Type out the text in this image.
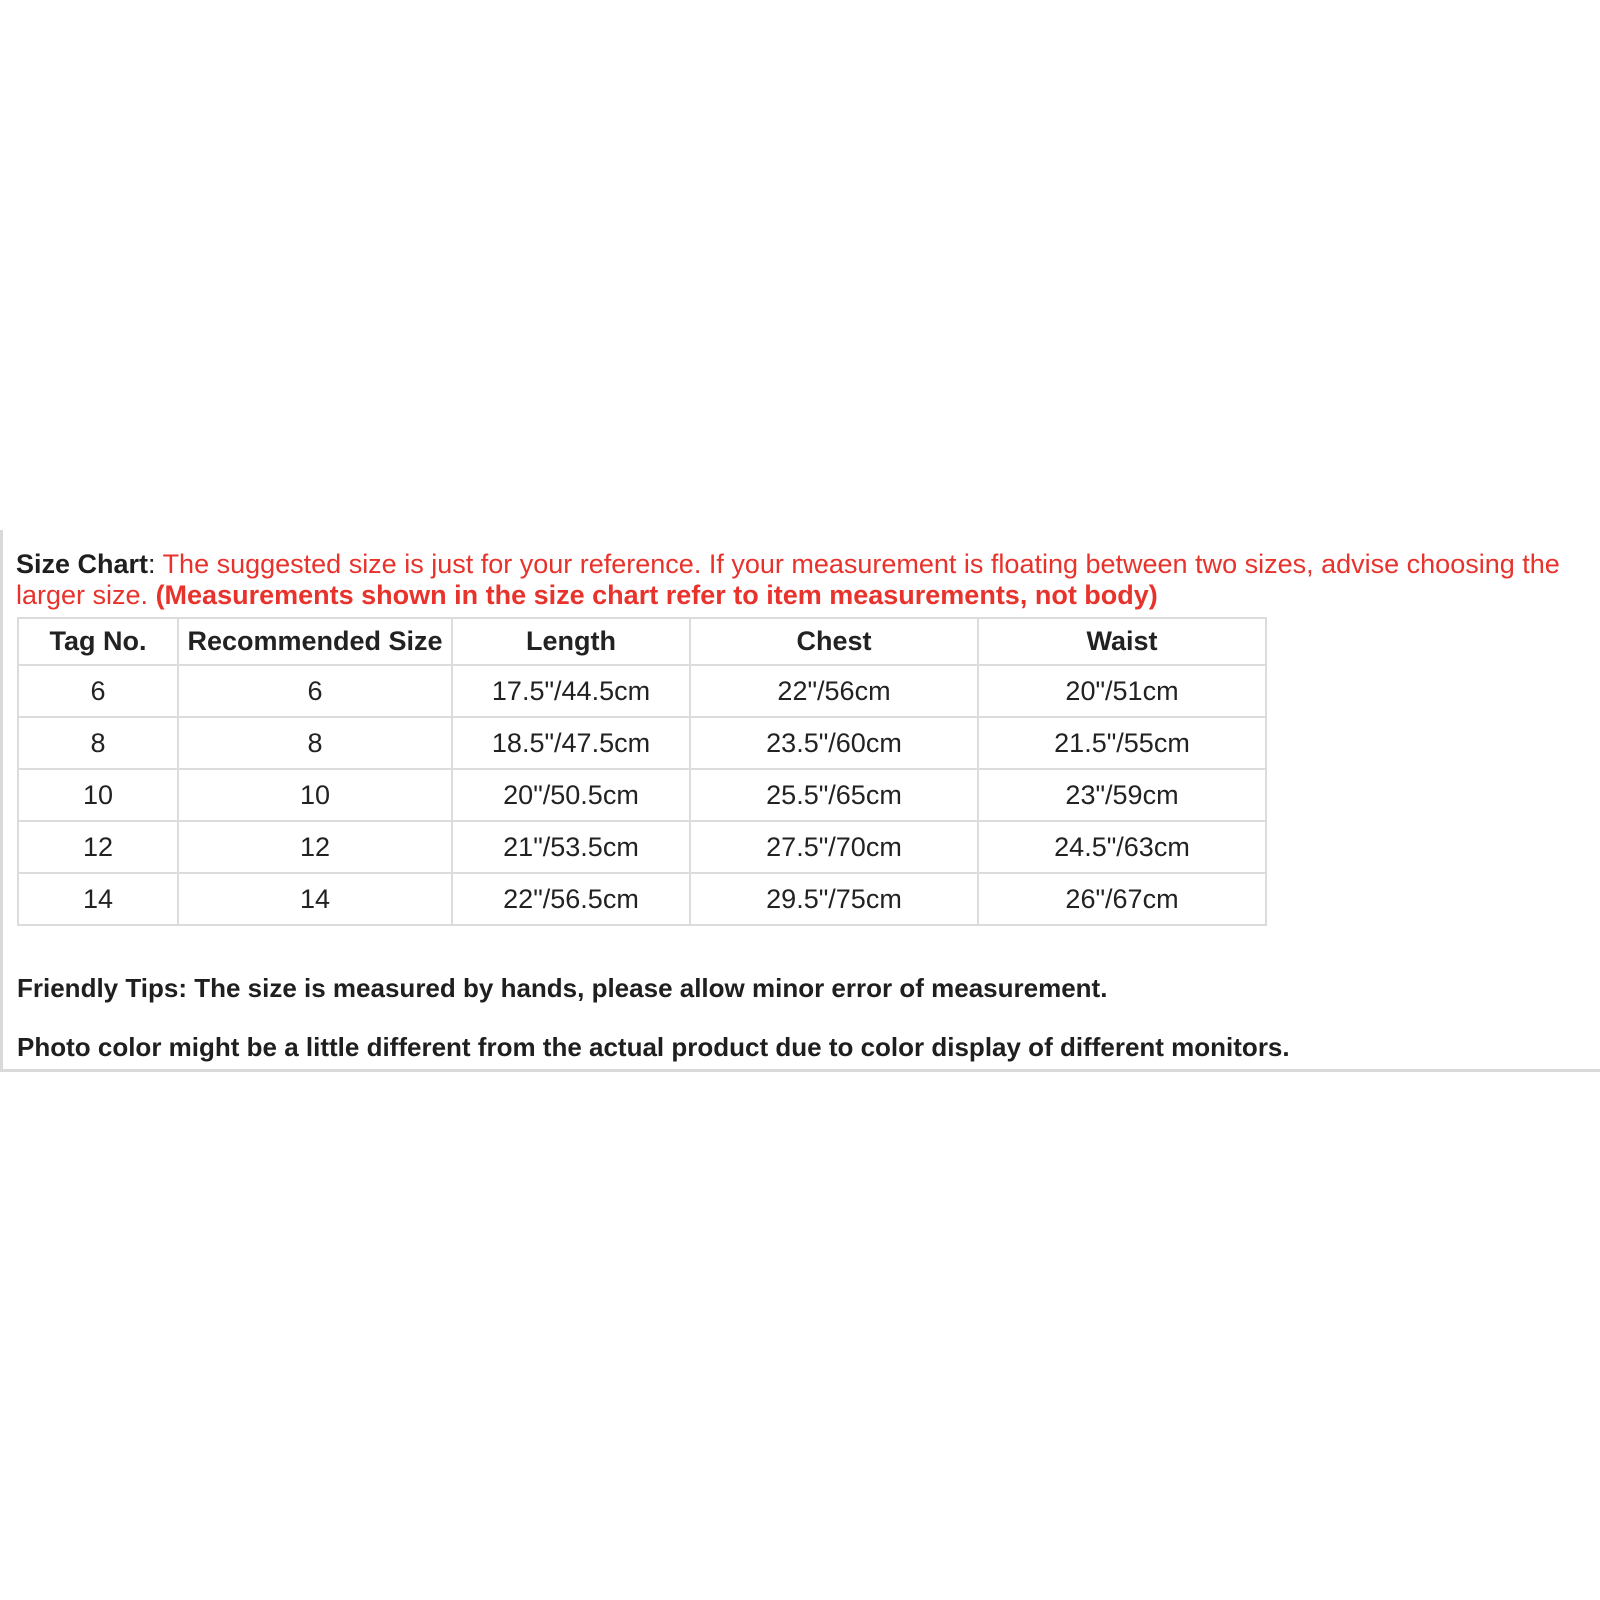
Size Chart: The suggested size is just for your reference. If your measurement is floating between two sizes, advise choosing the larger size. (Measurements shown in the size chart refer to item measurements, not body)
Tag No.	Recommended Size	Length	Chest	Waist
6	6	17.5"/44.5cm	22"/56cm	20"/51cm
8	8	18.5"/47.5cm	23.5"/60cm	21.5"/55cm
10	10	20"/50.5cm	25.5"/65cm	23"/59cm
12	12	21"/53.5cm	27.5"/70cm	24.5"/63cm
14	14	22"/56.5cm	29.5"/75cm	26"/67cm
Friendly Tips: The size is measured by hands, please allow minor error of measurement.
Photo color might be a little different from the actual product due to color display of different monitors.
